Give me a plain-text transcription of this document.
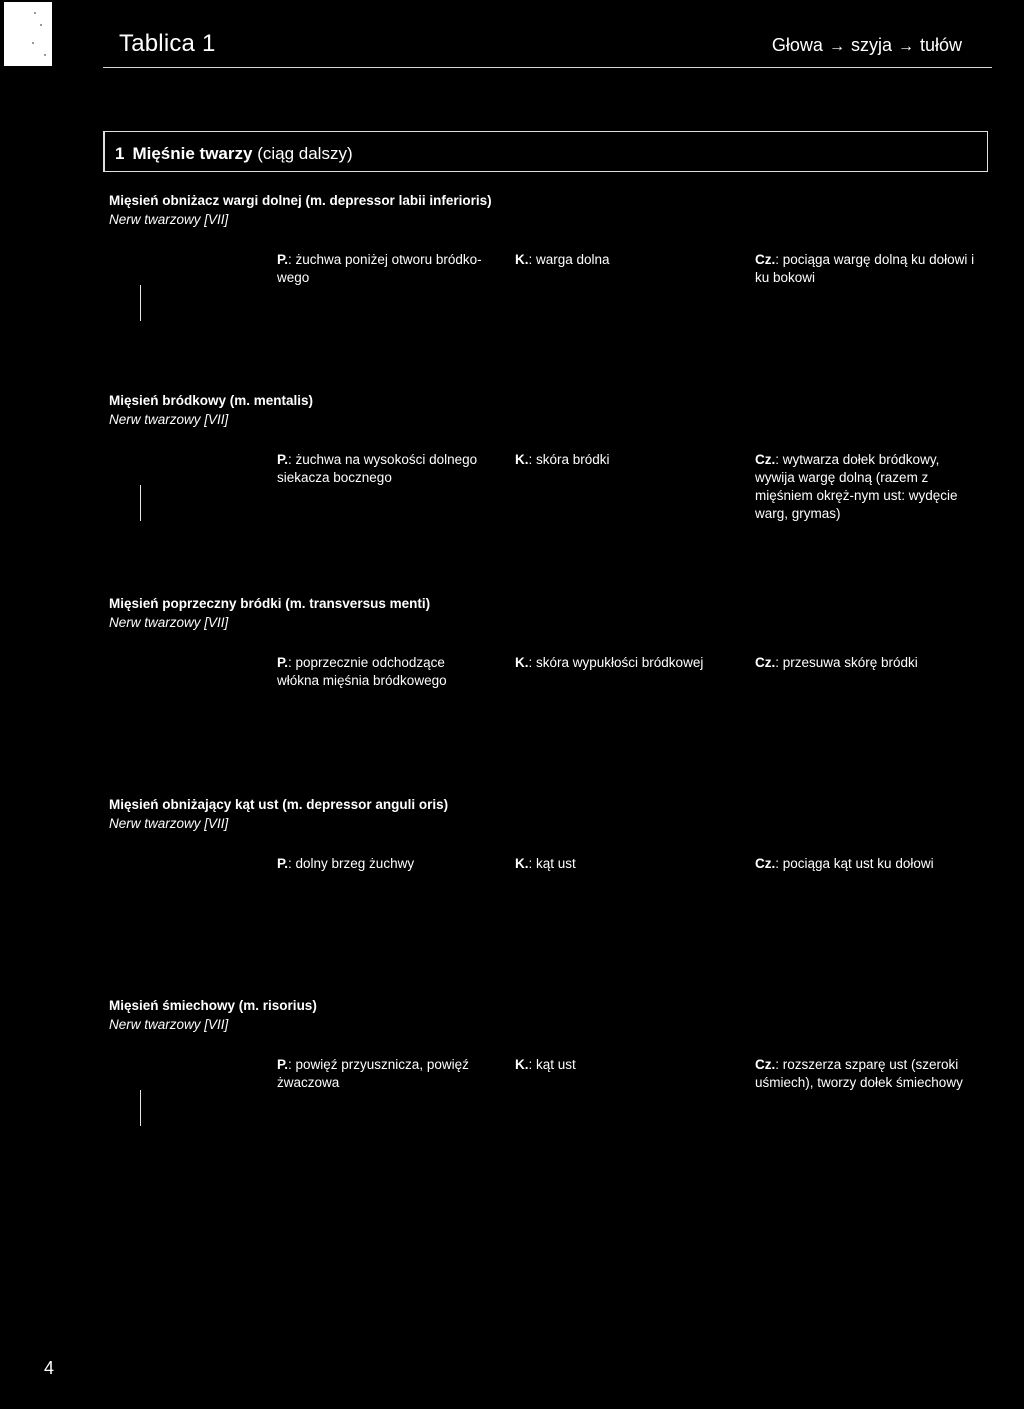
Tablica 1	Głowa → szyja → tułów
1 Mięśnie twarzy (ciąg dalszy)
Mięsień obniżacz wargi dolnej (m. depressor labii inferioris)
Nerw twarzowy [VII]
P.: żuchwa poniżej otworu bródko-wego
K.: warga dolna	Cz.: pociąga wargę dolną ku dołowi i ku bokowi
Mięsień bródkowy (m. mentalis)
Nerw twarzowy [VII]
P.: żuchwa na wysokości dolnego siekacza bocznego
K.: skóra bródki	Cz.: wytwarza dołek bródkowy, wywija wargę dolną (razem z mięśniem okręż-nym ust: wydęcie warg, grymas)
Mięsień poprzeczny bródki (m. transversus menti)
Nerw twarzowy [VII]
P.: poprzecznie odchodzące włókna mięśnia bródkowego
K.: skóra wypukłości bródkowej	Cz.: przesuwa skórę bródki
Mięsień obniżający kąt ust (m. depressor anguli oris)
Nerw twarzowy [VII]
P.: dolny brzeg żuchwy	K.: kąt ust	Cz.: pociąga kąt ust ku dołowi
Mięsień śmiechowy (m. risorius)
Nerw twarzowy [VII]
P.: powięź przyusznicza, powięź żwaczowa
K.: kąt ust	Cz.: rozszerza szparę ust (szeroki uśmiech), tworzy dołek śmiechowy
4
